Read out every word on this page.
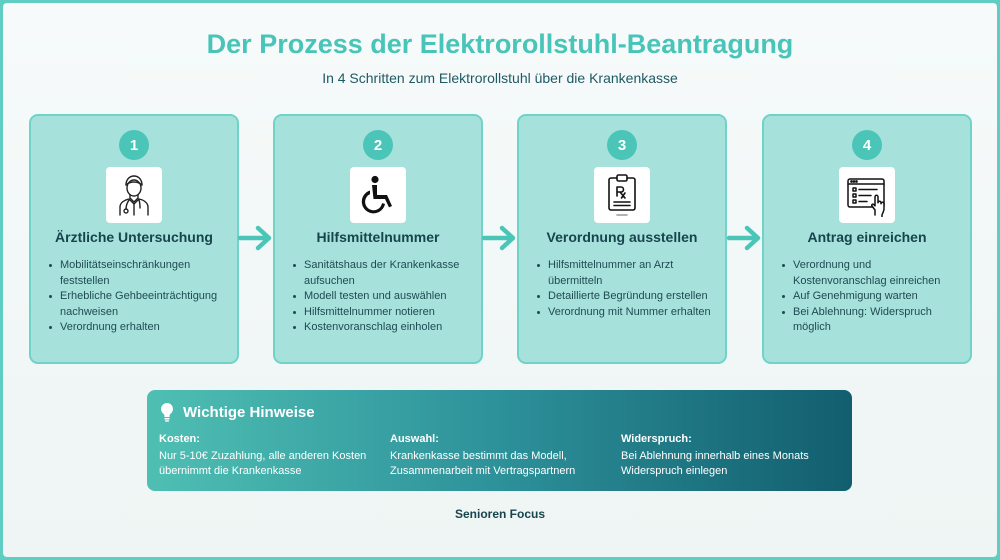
Der Prozess der Elektrorollstuhl-Beantragung
In 4 Schritten zum Elektrorollstuhl über die Krankenkasse
1
Ärztliche Untersuchung
Mobilitätseinschränkungen feststellen
Erhebliche Gehbeeinträchtigung nachweisen
Verordnung erhalten
2
Hilfsmittelnummer
Sanitätshaus der Krankenkasse aufsuchen
Modell testen und auswählen
Hilfsmittelnummer notieren
Kostenvoranschlag einholen
3
Verordnung ausstellen
Hilfsmittelnummer an Arzt übermitteln
Detaillierte Begründung erstellen
Verordnung mit Nummer erhalten
4
Antrag einreichen
Verordnung und Kostenvoranschlag einreichen
Auf Genehmigung warten
Bei Ablehnung: Widerspruch möglich
Wichtige Hinweise
Kosten:
Nur 5-10€ Zuzahlung, alle anderen Kosten übernimmt die Krankenkasse
Auswahl:
Krankenkasse bestimmt das Modell, Zusammenarbeit mit Vertragspartnern
Widerspruch:
Bei Ablehnung innerhalb eines Monats Widerspruch einlegen
Senioren Focus
